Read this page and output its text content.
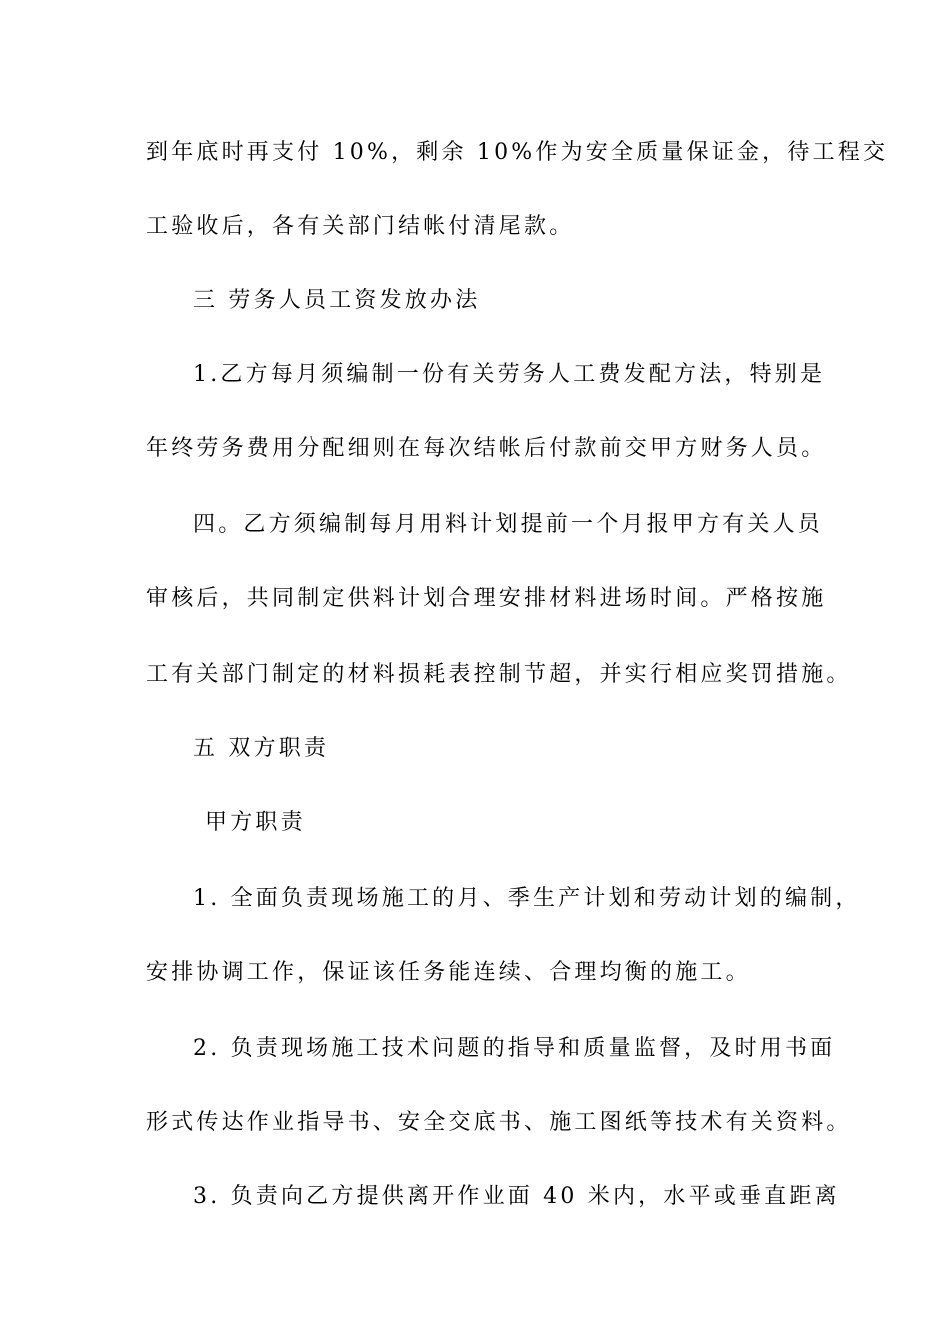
到年底时再支付 10%，剩余 10%作为安全质量保证金，待工程交
工验收后，各有关部门结帐付清尾款。
三 劳务人员工资发放办法
1.乙方每月须编制一份有关劳务人工费发配方法，特别是
年终劳务费用分配细则在每次结帐后付款前交甲方财务人员。
四。乙方须编制每月用料计划提前一个月报甲方有关人员
审核后，共同制定供料计划合理安排材料进场时间。严格按施
工有关部门制定的材料损耗表控制节超，并实行相应奖罚措施。
五 双方职责
甲方职责
1. 全面负责现场施工的月、季生产计划和劳动计划的编制，
安排协调工作，保证该任务能连续、合理均衡的施工。
2. 负责现场施工技术问题的指导和质量监督，及时用书面
形式传达作业指导书、安全交底书、施工图纸等技术有关资料。
3. 负责向乙方提供离开作业面 40 米内，水平或垂直距离
